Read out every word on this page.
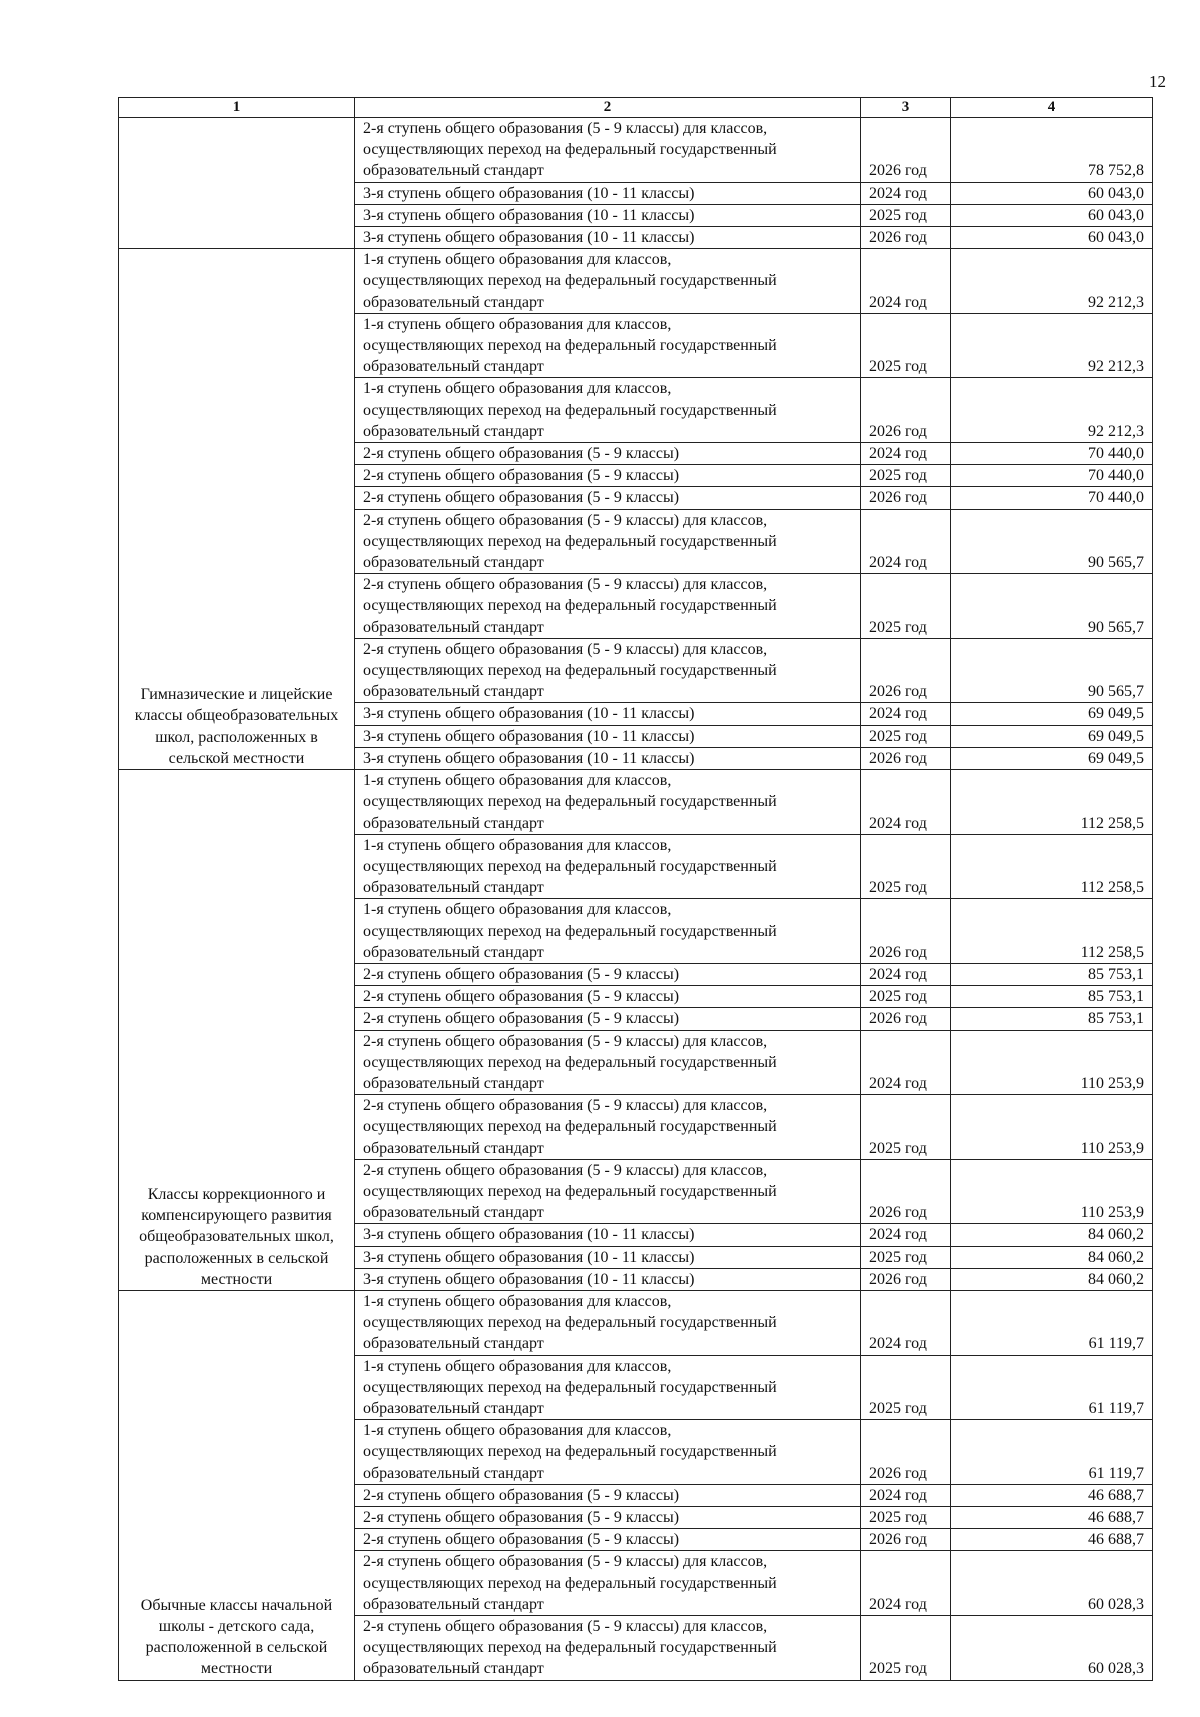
12
1	2	3	4

	2-я ступень общего образования (5 - 9 классы) для классов,
осуществляющих переход на федеральный государственный
образовательный стандарт	2026 год	78 752,8

	3-я ступень общего образования (10 - 11 классы)	2024 год	60 043,0

	3-я ступень общего образования (10 - 11 классы)	2025 год	60 043,0

	3-я ступень общего образования (10 - 11 классы)	2026 год	60 043,0
Гимназические и лицейские классы общеобразовательных школ, расположенных в сельской местности	1-я ступень общего образования для классов,
осуществляющих переход на федеральный государственный
образовательный стандарт	2024 год	92 212,3

	1-я ступень общего образования для классов,
осуществляющих переход на федеральный государственный
образовательный стандарт	2025 год	92 212,3

	1-я ступень общего образования для классов,
осуществляющих переход на федеральный государственный
образовательный стандарт	2026 год	92 212,3

	2-я ступень общего образования (5 - 9 классы)	2024 год	70 440,0

	2-я ступень общего образования (5 - 9 классы)	2025 год	70 440,0

	2-я ступень общего образования (5 - 9 классы)	2026 год	70 440,0

	2-я ступень общего образования (5 - 9 классы) для классов,
осуществляющих переход на федеральный государственный
образовательный стандарт	2024 год	90 565,7

	2-я ступень общего образования (5 - 9 классы) для классов,
осуществляющих переход на федеральный государственный
образовательный стандарт	2025 год	90 565,7

	2-я ступень общего образования (5 - 9 классы) для классов,
осуществляющих переход на федеральный государственный
образовательный стандарт	2026 год	90 565,7

	3-я ступень общего образования (10 - 11 классы)	2024 год	69 049,5

	3-я ступень общего образования (10 - 11 классы)	2025 год	69 049,5

	3-я ступень общего образования (10 - 11 классы)	2026 год	69 049,5
Классы коррекционного и компенсирующего развития общеобразовательных школ, расположенных в сельской местности	1-я ступень общего образования для классов,
осуществляющих переход на федеральный государственный
образовательный стандарт	2024 год	112 258,5

	1-я ступень общего образования для классов,
осуществляющих переход на федеральный государственный
образовательный стандарт	2025 год	112 258,5

	1-я ступень общего образования для классов,
осуществляющих переход на федеральный государственный
образовательный стандарт	2026 год	112 258,5

	2-я ступень общего образования (5 - 9 классы)	2024 год	85 753,1

	2-я ступень общего образования (5 - 9 классы)	2025 год	85 753,1

	2-я ступень общего образования (5 - 9 классы)	2026 год	85 753,1

	2-я ступень общего образования (5 - 9 классы) для классов,
осуществляющих переход на федеральный государственный
образовательный стандарт	2024 год	110 253,9

	2-я ступень общего образования (5 - 9 классы) для классов,
осуществляющих переход на федеральный государственный
образовательный стандарт	2025 год	110 253,9

	2-я ступень общего образования (5 - 9 классы) для классов,
осуществляющих переход на федеральный государственный
образовательный стандарт	2026 год	110 253,9

	3-я ступень общего образования (10 - 11 классы)	2024 год	84 060,2

	3-я ступень общего образования (10 - 11 классы)	2025 год	84 060,2

	3-я ступень общего образования (10 - 11 классы)	2026 год	84 060,2
Обычные классы начальной школы - детского сада, расположенной в сельской местности	1-я ступень общего образования для классов,
осуществляющих переход на федеральный государственный
образовательный стандарт	2024 год	61 119,7

	1-я ступень общего образования для классов,
осуществляющих переход на федеральный государственный
образовательный стандарт	2025 год	61 119,7

	1-я ступень общего образования для классов,
осуществляющих переход на федеральный государственный
образовательный стандарт	2026 год	61 119,7

	2-я ступень общего образования (5 - 9 классы)	2024 год	46 688,7

	2-я ступень общего образования (5 - 9 классы)	2025 год	46 688,7

	2-я ступень общего образования (5 - 9 классы)	2026 год	46 688,7

	2-я ступень общего образования (5 - 9 классы) для классов,
осуществляющих переход на федеральный государственный
образовательный стандарт	2024 год	60 028,3

	2-я ступень общего образования (5 - 9 классы) для классов,
осуществляющих переход на федеральный государственный
образовательный стандарт	2025 год	60 028,3
